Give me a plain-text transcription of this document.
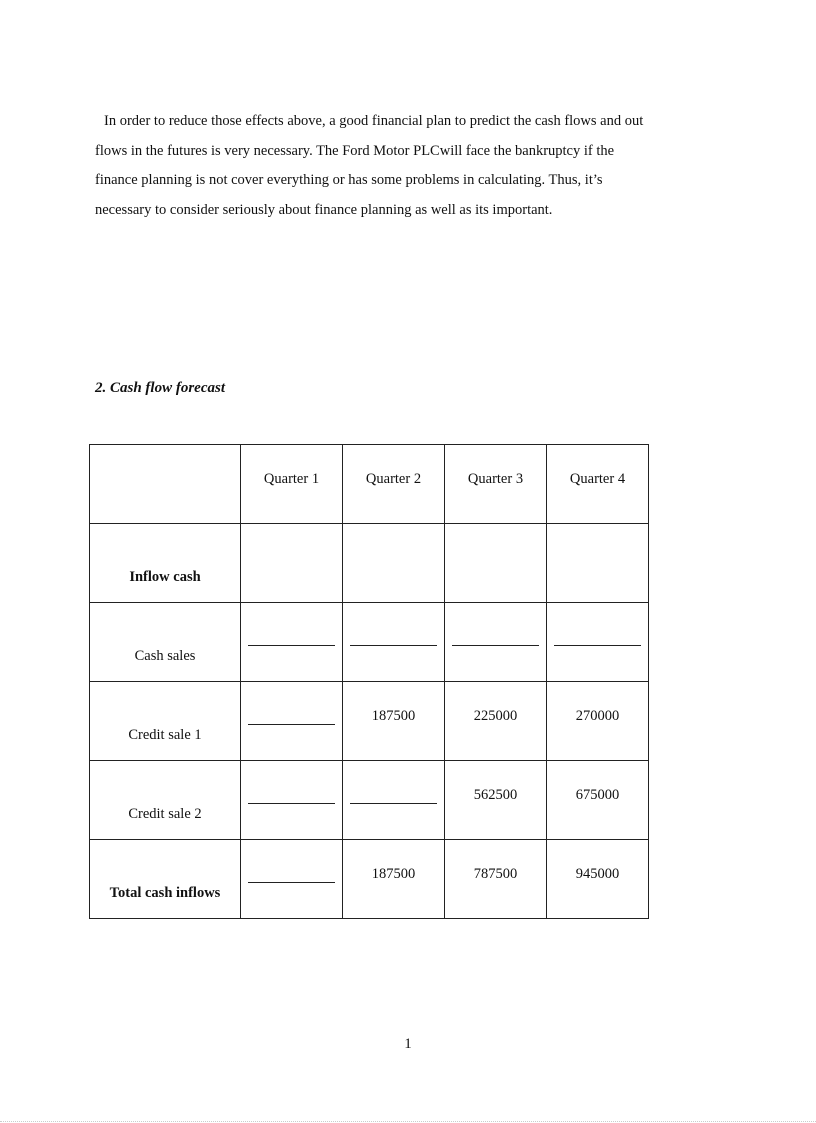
In order to reduce those effects above, a good financial plan to predict the cash flows and out
flows in the futures is very necessary. The Ford Motor PLCwill face the bankruptcy if the
finance planning is not cover everything or has some problems in calculating. Thus, it’s
necessary to consider seriously about finance planning as well as its important.
2. Cash flow forecast
	Quarter 1	Quarter 2	Quarter 3	Quarter 4

Inflow cash				

Cash sales				

Credit sale 1		187500	225000	270000

Credit sale 2			562500	675000

Total cash inflows		187500	787500	945000
1
